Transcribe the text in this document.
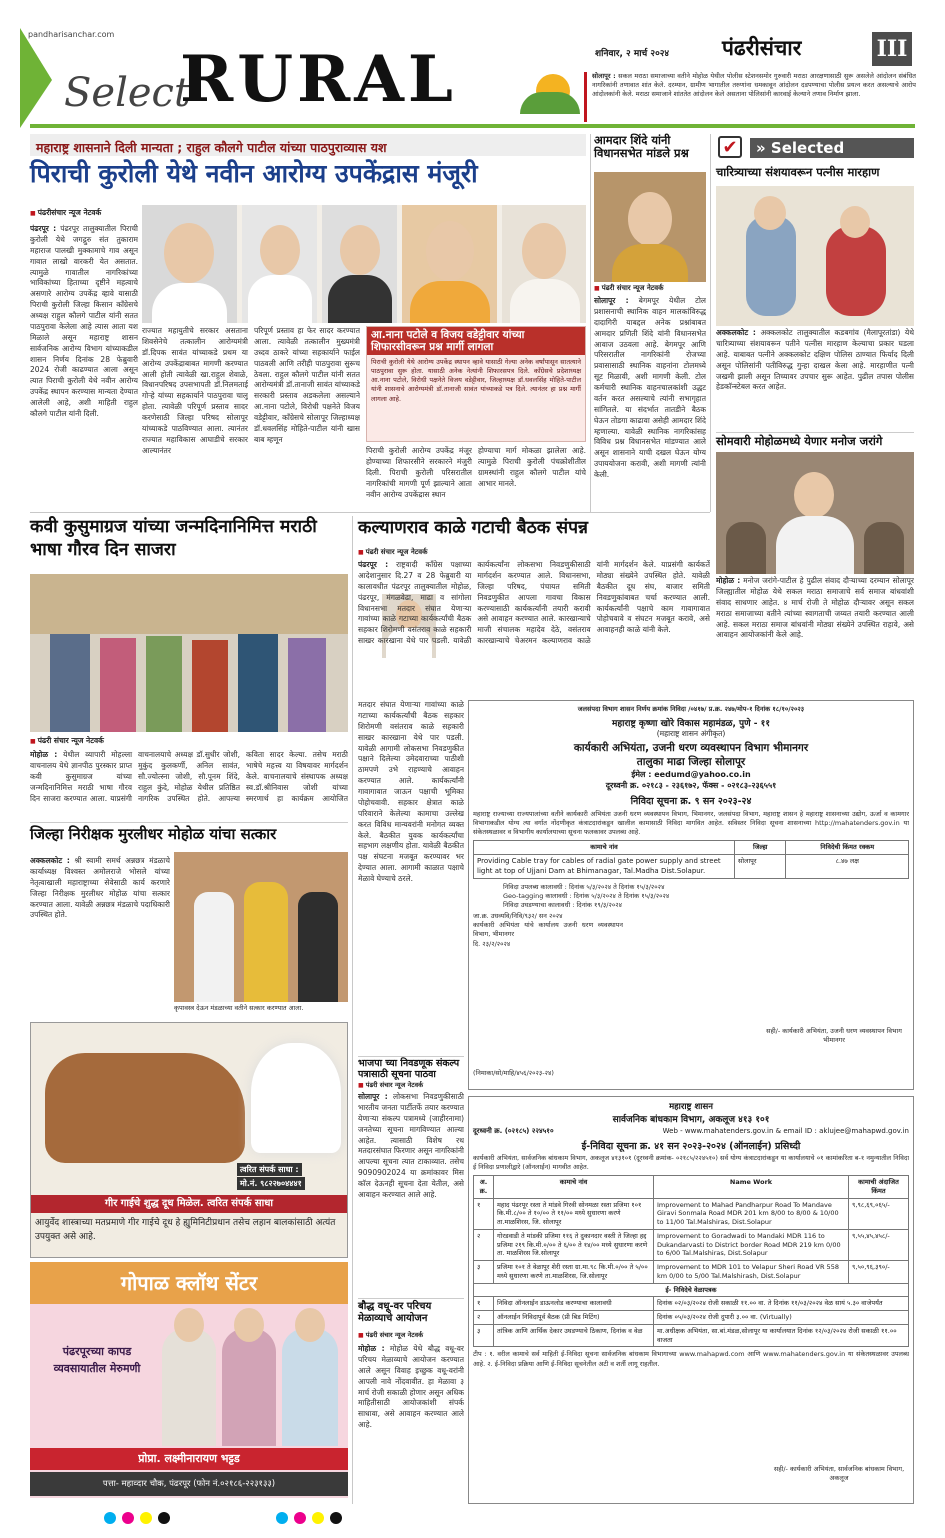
pandharisanchar.com
Select
RURAL	शनिवार, २ मार्च २०२४	पंढरीसंचार	III
सोलापूर : सकल मराठा समाजाच्या वतीने मोहोळ येथील पोलीस स्टेशनसमोर गुरुवारी मराठा आरक्षणासाठी सुरू असलेले आंदोलन संबंधित नागरिकांनी तणावात शांत केले. दरम्यान, ग्रामीण भागातील तरुणांना धमकावून आंदोलन दडपण्याचा पोलीस प्रयत्न करत असल्याचे आरोप आंदोलकांनी केले. मराठा समाजाने शांततेत आंदोलन केले असताना पोलिसांनी कारवाई केल्याने तणाव निर्माण झाला.
महाराष्ट्र शासनाने दिली मान्यता ; राहुल कौलगे पाटील यांच्या पाठपुराव्यास यश
पिराची कुरोली येथे नवीन आरोग्य उपकेंद्रास मंजूरी
■ पंढरीसंचार न्यूज नेटवर्क
पंढरपूर : पंढरपूर तालुक्यातील पिराची कुरोली येथे जगद्गुरु संत तुकाराम महाराज पालखी मुक्कामाचे गाव असून गावात लाखो वारकरी येत असतात. त्यामुळे गावातील नागरिकांच्या भाविकांच्या हिताच्या दृष्टीने महत्वाचे असणारे आरोग्य उपकेंद्र व्हावे यासाठी पिराची कुरोली जिल्हा किसान कॉंग्रेसचे अध्यक्ष राहुल कौलगे पाटील यांनी सतत पाठपुरावा केलेला आहे त्यास आता यश मिळाले असून महाराष्ट्र शासन सार्वजनिक आरोग्य विभाग यांच्याकडील शासन निर्णय दिनांक 28 फेब्रुवारी 2024 रोजी काढण्यात आला असून त्यात पिराची कुरोली येथे नवीन आरोग्य उपकेंद्र स्थापन करण्यास मान्यता देण्यात आलेली आहे, अशी माहिती राहुल कौलगे पाटील यांनी दिली.
राज्यात महायुतीचे सरकार असताना शिवसेनेचे तत्कालीन आरोग्यमंत्री डॉ.दिपक सावंत यांच्याकडे प्रथम या आरोग्य उपकेंद्राबाबत मागणी करण्यात आली होती त्यावेळी खा.राहुल शेवाळे, विधानपरिषद उपसभापती डॉ.निलमताई गोऱ्हे यांच्या सहकार्याने पाठपुरावा चालू होता. त्यावेळी परिपूर्ण प्रस्ताव सादर करणेसाठी जिल्हा परिषद सोलापूर यांच्याकडे पाठविण्यात आला. त्यानंतर राज्यात महाविकास आघाडीचे सरकार आल्यानंतर
परिपूर्ण प्रस्ताव हा फेर सादर करण्यात आला. त्यावेळी तत्कालीन मुख्यमंत्री उध्दव ठाकरे यांच्या सहकार्याने फाईल पाठवली आणि तरीही पाठपुरावा सुरूच ठेवला. राहुल कौलगे पाटील यांनी सतत आरोग्यमंत्री डॉ.तानाजी सावंत यांच्याकडे सरकारी प्रस्ताव अडकलेला असल्याने आ.नाना पटोले, विरोधी पक्षनेते विजय वडेट्टीवार, कॉंग्रेसचे सोलापूर जिल्हाध्यक्ष डॉ.धवलसिंह मोहिते-पाटील यांनी खास बाब म्हणून
आ.नाना पटोले व विजय वडेट्टीवार यांच्या शिफारसीवरून प्रश्न मार्गी लागला
पिराची कुरोली येथे आरोग्य उपकेंद्र स्थापन व्हावे यासाठी गेल्या अनेक वर्षांपासून सातत्याने पाठपुरावा सुरू होता. यासाठी अनेक नेत्यांनी शिफारसपत्र दिले. कॉंग्रेसचे प्रदेशाध्यक्ष आ.नाना पटोले, विरोधी पक्षनेते विजय वडेट्टीवार, जिल्हाध्यक्ष डॉ.धवलसिंह मोहिते-पाटील यांनी शासनाचे आरोग्यमंत्री डॉ.तानाजी सावंत यांच्याकडे पत्र दिले. त्यानंतर हा प्रश्न मार्गी लागला आहे.
पिराची कुरोली आरोग्य उपकेंद्र मंजूर होण्याच्या शिफारसीने सरकारने मंजुरी दिली. पिराची कुरोली परिसरातील नागरिकांची मागणी पूर्ण झाल्याने आता नवीन आरोग्य उपकेंद्रास स्थान
होण्याचा मार्ग मोकळा झालेला आहे. त्यामुळे पिराची कुरोली पंचक्रोशीतील ग्रामस्थांनी राहुल कौलगे पाटील यांचे आभार मानले.
आमदार शिंदे यांनी विधानसभेत मांडले प्रश्न
■ पंढरी संचार न्यूज नेटवर्क
सोलापूर : बेगमपूर येथील टोल प्रशासनाची स्थानिक वाहन मालकांविरुद्ध दादागिरी याबद्दल अनेक प्रश्नांबाबत आमदार प्रणिती शिंदे यांनी विधानसभेत आवाज उठवला आहे. बेगमपूर आणि परिसरातील नागरिकांनी रोजच्या प्रवासासाठी स्थानिक वाहनांना टोलमध्ये सूट मिळावी, अशी मागणी केली. टोल कर्मचारी स्थानिक वाहनचालकांशी उद्धट वर्तन करत असल्याचे त्यांनी सभागृहात सांगितले. या संदर्भात तातडीने बैठक घेऊन तोडगा काढावा असेही आमदार शिंदे म्हणाल्या. यावेळी स्थानिक नागरिकांसह विविध प्रश्न विधानसभेत मांडण्यात आले असून शासनाने याची दखल घेऊन योग्य उपाययोजना करावी, अशी मागणी त्यांनी केली.
✔	» Selected
चारित्र्याच्या संशयावरून पत्नीस मारहाण
अक्कलकोट : अक्कलकोट तालुक्यातील कडबगांव (मैलापूरतांडा) येथे चारित्र्याच्या संशयावरून पतीने पत्नीस मारहाण केल्याचा प्रकार घडला आहे. याबाबत पत्नीने अक्कलकोट दक्षिण पोलिस ठाण्यात फिर्याद दिली असून पोलिसांनी पतीविरुद्ध गुन्हा दाखल केला आहे. मारहाणीत पत्नी जखमी झाली असून तिच्यावर उपचार सुरू आहेत. पुढील तपास पोलीस हेडकॉन्स्टेबल करत आहेत.
सोमवारी मोहोळमध्ये येणार मनोज जरांगे
मोहोळ : मनोज जरांगे-पाटील हे पुढील संवाद दौऱ्याच्या दरम्यान सोलापूर जिल्ह्यातील मोहोळ येथे सकल मराठा समाजाचे सर्व समाज बांधवांशी संवाद साधणार आहेत. ४ मार्च रोजी ते मोहोळ दौऱ्यावर असून सकल मराठा समाजाच्या वतीने त्यांच्या स्वागताची जय्यत तयारी करण्यात आली आहे. सकल मराठा समाज बांधवांनी मोठ्या संख्येने उपस्थित राहावे, असे आवाहन आयोजकांनी केले आहे.
कवी कुसुमाग्रज यांच्या जन्मदिनानिमित्त मराठी भाषा गौरव दिन साजरा
■ पंढरी संचार न्यूज नेटवर्क
मोहोळ : येथील व्यापारी मोहल्ला वाचनालय येथे ज्ञानपीठ पुरस्कार प्राप्त कवी कुसुमाग्रज यांच्या जन्मदिनानिमित्त मराठी भाषा गौरव दिन साजरा करण्यात आला. याप्रसंगी वाचनालयाचे अध्यक्ष डॉ.सुधीर जोशी, मुकुंद कुलकर्णी, अनिल सावंत, सौ.ज्योत्स्ना जोशी, सौ.पूनम शिंदे, राहुल कुंदे, मोहोळ येथील प्रतिष्ठित नागरिक उपस्थित होते. आपल्या कविता सादर केल्या. तसेच मराठी भाषेचे महत्त्व या विषयावर मार्गदर्शन केले. वाचनालयाचे संस्थापक अध्यक्ष स्व.डॉ.श्रीनिवास जोशी यांच्या स्मरणार्थ हा कार्यक्रम आयोजित
जिल्हा निरीक्षक मुरलीधर मोहोळ यांचा सत्कार
अक्कलकोट : श्री स्वामी समर्थ अन्नछत्र मंडळाचे कार्याध्यक्ष विश्वस्त अमोलराजे भोसले यांच्या नेतृत्वाखाली महाराष्ट्राच्या सेवेसाठी कार्य करणारे जिल्हा निरीक्षक मुरलीधर मोहोळ यांचा सत्कार करण्यात आला. यावेळी अन्नछत्र मंडळाचे पदाधिकारी उपस्थित होते.
कृपावस्त्र देऊन मंडळाच्या वतीने सत्कार करण्यात आला.
त्वरित संपर्क साधा :
मो.नं. ९८२२७०४४४१
गीर गाईचे शुद्ध दूध मिळेल. त्वरित संपर्क साधा
आयुर्वेद शास्त्राच्या मतप्रमाणे गीर गाईचे दूध हे ह्युमिनिटीप्रधान तसेच लहान बालकांसाठी अत्यंत उपयुक्त असे आहे.
गोपाळ क्लॉथ सेंटर
पंढरपूरच्या कापड व्यवसायातील मेरुमणी
प्रोप्रा. लक्ष्मीनारायण भट्टड
पत्ता- महाव्दार चौक, पंढरपूर (फोन नं.०२१८६-२२३१३३)
कल्याणराव काळे गटाची बैठक संपन्न
■ पंढरी संचार न्यूज नेटवर्क
पंढरपूर : राष्ट्रवादी कॉंग्रेस पक्षाच्या आदेशानुसार दि.27 व 28 फेब्रुवारी या कालावधीत पंढरपूर तालुक्यातील मोहोळ, पंढरपूर, मंगळवेढा, माढा व सांगोला विधानसभा मतदार संघात येणाऱ्या गावांच्या काळे गटाच्या कार्यकर्त्यांची बैठक सहकार शिरोमणी वसंतराव काळे सहकारी साखर कारखाना येथे पार पडली. यावेळी कार्यकर्त्यांना लोकसभा निवडणुकीसाठी मार्गदर्शन करण्यात आले. विधानसभा, जिल्हा परिषद, पंचायत समिती निवडणुकीत आपला गावचा विकास करण्यासाठी कार्यकर्त्यांनी तयारी करावी असे आवाहन करण्यात आले. कारखान्याचे माजी संचालक महादेव देठे, वसंतराव कारखान्याचे चेअरमन कल्याणराव काळे यांनी मार्गदर्शन केले. याप्रसंगी कार्यकर्ते मोठ्या संख्येने उपस्थित होते. यावेळी बैठकीत दूध संघ, बाजार समिती निवडणुकांबाबत चर्चा करण्यात आली. कार्यकर्त्यांनी पक्षाचे काम गावागावात पोहोचवावे व संघटन मजबूत करावे, असे आवाहनही काळे यांनी केले.
मतदार संघात येणाऱ्या गावांच्या काळे गटाच्या कार्यकर्त्यांची बैठक सहकार शिरोमणी वसंतराव काळे सहकारी साखर कारखाना येथे पार पडली. यावेळी आगामी लोकसभा निवडणुकीत पक्षाने दिलेल्या उमेदवाराच्या पाठीशी ठामपणे उभे राहण्याचे आवाहन करण्यात आले. कार्यकर्त्यांनी गावागावात जाऊन पक्षाची भूमिका पोहोचवावी. सहकार क्षेत्रात काळे परिवाराने केलेल्या कामाचा उल्लेख करत विविध मान्यवरांनी मनोगत व्यक्त केले. बैठकीत युवक कार्यकर्त्यांचा सहभाग लक्षणीय होता. यावेळी बैठकीत पक्ष संघटना मजबूत करण्यावर भर देण्यात आला. आगामी काळात पक्षाचे मेळावे घेण्याचे ठरले.
भाजपा च्या निवडणूक संकल्प पत्रासाठी सूचना पाठवा
■ पंढरी संचार न्यूज नेटवर्क
सोलापूर : लोकसभा निवडणुकीसाठी भारतीय जनता पार्टीतर्फे तयार करण्यात येणाऱ्या संकल्प पत्रामध्ये (जाहीरनामा) जनतेच्या सूचना मागविण्यात आल्या आहेत. त्यासाठी विशेष रथ मतदारसंघात फिरणार असून नागरिकांनी आपल्या सूचना त्यात टाकाव्यात. तसेच 9090902024 या क्रमांकावर मिस कॉल देऊनही सूचना देता येतील, असे आवाहन करण्यात आले आहे.
बौद्ध वधू-वर परिचय मेळाव्याचे आयोजन
■ पंढरी संचार न्यूज नेटवर्क
मोहोळ : मोहोळ येथे बौद्ध वधू-वर परिचय मेळाव्याचे आयोजन करण्यात आले असून विवाह इच्छुक वधू-वरांनी आपली नावे नोंदवावीत. हा मेळावा ३ मार्च रोजी सकाळी होणार असून अधिक माहितीसाठी आयोजकांशी संपर्क साधावा, असे आवाहन करण्यात आले आहे.
जलसंपदा विभाग शासन निर्णय क्रमांक निविदा /०४१७/ प्र.क्र. २४७/मोप-१ दिनांक १८/१०/२०२३
महाराष्ट्र कृष्णा खोरे विकास महामंडळ, पुणे - ११
(महाराष्ट्र शासन अंगीकृत)
कार्यकारी अभियंता, उजनी धरण व्यवस्थापन विभाग भीमानगर
तालुका माढा जिल्हा सोलापूर
ईमेल : eedumd@yahoo.co.in
दूरध्वनी क्र. ०२१८३ - २३६१७२, फॅक्स - ०२१८३-२३६५५१
निविदा सूचना क्र. ९ सन २०२३-२४
महाराष्ट्र राज्याच्या राज्यपालांच्या वतीने कार्यकारी अभियंता उजनी धरण व्यवस्थापन विभाग, भिमानगर, जलसंपदा विभाग, महाराष्ट्र शासन हे महाराष्ट्र शासनाच्या उद्योग, ऊर्जा व कामगार विभागाकडील योग्य त्या वर्गात नोंदणीकृत कंत्राटदारांकडून खालील कामासाठी निविदा मागवित आहेत. सविस्तर निविदा सूचना शासनाच्या http://mahatenders.gov.in या संकेतस्थळावर व विभागीय कार्यालयाच्या सूचना फलकावर उपलब्ध आहे.
कामाचे नांव	जिल्हा	निविदेची किंमत रक्कम
Providing Cable tray for cables of radial gate power supply and street light at top of Ujjani Dam at Bhimanagar, Tal.Madha Dist.Solapur.	सोलापूर	८.४७ लक्ष
निविदा उपलब्ध कालावधी : दिनांक ५/३/२०२४ ते दिनांक १५/३/२०२४
Geo-tagging कालावधी : दिनांक ५/३/२०२४ ते दिनांक १५/३/२०२४
निविदा उघडण्याचा कालावधी : दिनांक १९/३/२०२४
जा.क्र. उधव्यवि/निवि/९३२/ सन २०२४
कार्यकारी अभियंता यांचे कार्यालय उजनी धरण व्यवस्थापन विभाग, भीमानगर
दि. २३/२/२०२४
सही/- कार्यकारी अभियंता, उजनी धरण व्यवस्थापन विभाग भीमानगर
(निमाका/सो/माहि/४५६/२०२३-२४)
महाराष्ट्र शासन
सार्वजनिक बांधकाम विभाग, अकलूज ४१३ १०१
दूरध्वनी क्र. (०२१८५) २२४५१०	Web - www.mahatenders.gov.in & email ID : aklujee@mahapwd.gov.in
ई-निविदा सूचना क्र. ४१ सन २०२३-२०२४ (ऑनलाईन) प्रसिध्दी
कार्यकारी अभियंता, सार्वजनिक बांधकाम विभाग, अकलूज ४१३१०१ (दूरध्वनी क्रमांक- ०२१८५/२२४५१०) सर्व योग्य कंत्राटदारांकडून या कार्यालयाचे ०१ कामांकरिता ब-१ नमुन्यातील निविदा ई निविदा प्रणालीद्वारे (ऑनलाईन) मागवीत आहेत.
अ. क्र.	कामाचे नांव	Name Work	कामाची अंदाजित किंमत
१	महाद पंढरपूर रस्ता ते मांडवे गिरवी सोनमळा रस्ता प्रजिमा १०१ कि.मी.८/०० ते १०/०० ते ११/०० मध्ये सुधारणा करणे ता.माळशिरस, जि. सोलापूर	Improvement to Mahad Pandharpur Road To Mandave Giravi Sonmala Road MDR 201 km 8/00 to 8/00 & 10/00 to 11/00 Tal.Malshiras, Dist.Solapur	९,९८,६९,०६५/-
२	गोरडवाडी ते मांडकी प्रजिमा ११६ ते दुकानदार वस्ती ते जिल्हा हद्द प्रजिमा २१९ कि.मी.०/०० ते ६/०० ते १४/०० मध्ये सुधारणा करणे ता. माळशिरस जि.सोलापूर	Improvement to Goradwadi to Mandaki MDR 116 to Dukandarvasti to District border Road MDR 219 km 0/00 to 6/00 Tal.Malshiras, Dist.Solapur	९,५५,४५,४५८/-
३	प्रजिमा १०१ ते वेळापूर शेरी रस्ता ग्रा.मा.९८ कि.मी.०/०० ते ५/०० मध्ये सुधारणा करणे ता.माळशिरस, जि.सोलापूर	Improvement to MDR 101 to Velapur Sheri Road VR 558 km 0/00 to 5/00 Tal.Malshirash, Dist.Solapur	९,५०,९६,३९०/-
ई- निविदेचे वेळापत्रक			
१	निविदा ऑनलाईन डाऊनलोड करण्याचा कालावधी	दिनांक ०२/०३/२०२४ रोजी सकाळी ११.०० वा. ते दिनांक ११/०३/२०२४ वेळ सायं ५.३० वाजेपर्यंत	
२	ऑनलाईन निविदापूर्व बैठक (प्री बिड मिटिंग)	दिनांक ०५/०३/२०२४ रोजी दुपारी ३.०० वा. (Virtually)	
३	तांत्रिक आणि आर्थिक देकार उघडण्याचे ठिकाण, दिनांक व वेळ	मा.अधीक्षक अभियंता, सा.बां.मंडळ,सोलापूर या कार्यालयात दिनांक १२/०३/२०२४ रोजी सकाळी ११.०० वाजता	
टीप : १. वरील कामाचे सर्व माहिती ई-निविदा सूचना सार्वजनिक बांधकाम विभागाच्या www.mahapwd.com आणि www.mahatenders.gov.in या संकेतस्थळावर उपलब्ध आहे. २. ई-निविदा प्रक्रिया आणि ई-निविदा सूचनेतील अटी व शर्ती लागू राहतील.
सही/- कार्यकारी अभियंता, सार्वजनिक बांधकाम विभाग, अकलूज
